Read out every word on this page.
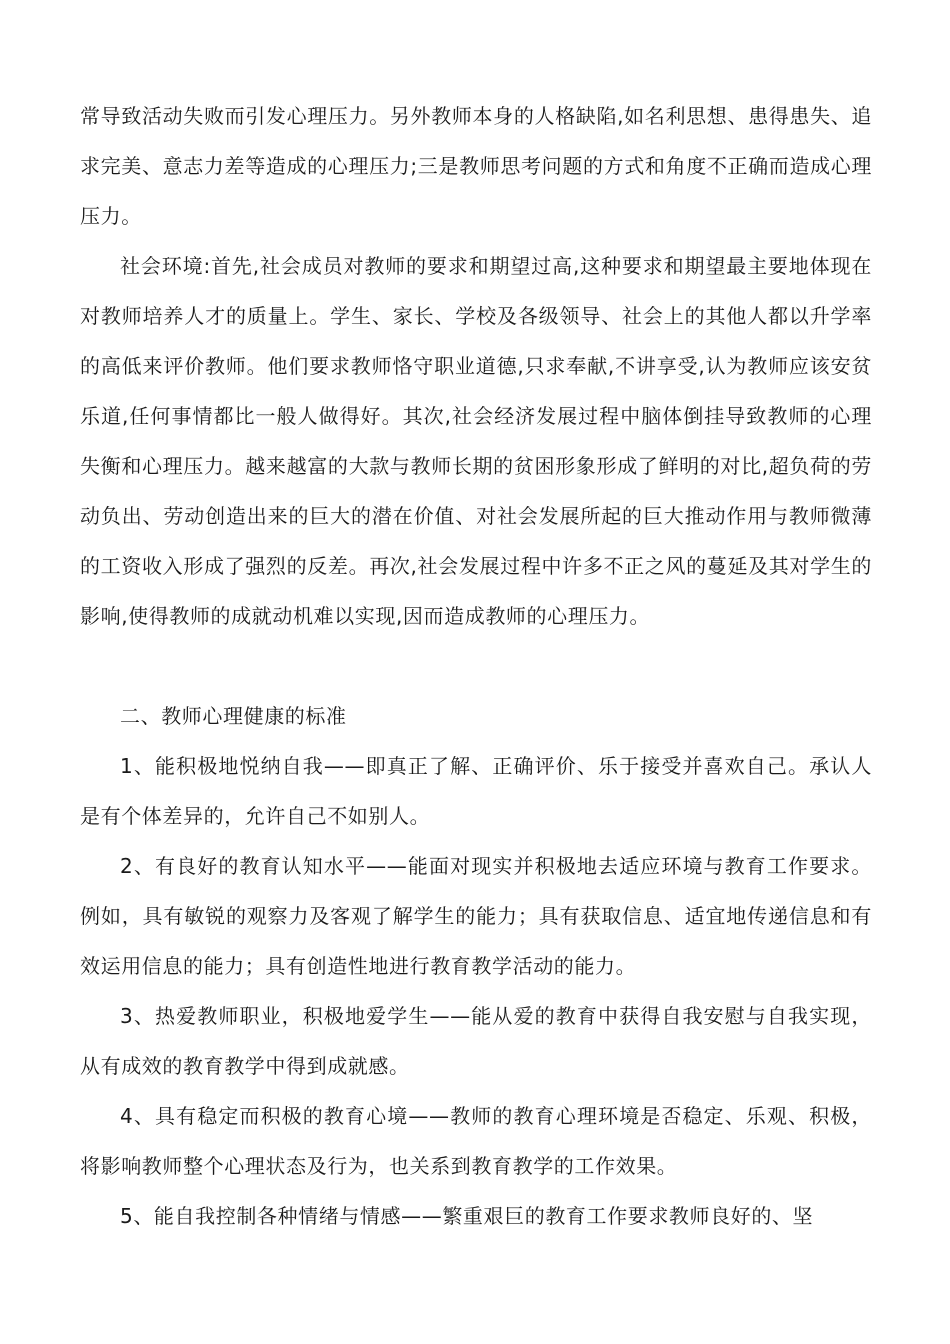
常导致活动失败而引发心理压力。另外教师本身的人格缺陷,如名利思想、患得患失、追求完美、意志力差等造成的心理压力;三是教师思考问题的方式和角度不正确而造成心理压力。

社会环境:首先,社会成员对教师的要求和期望过高,这种要求和期望最主要地体现在对教师培养人才的质量上。学生、家长、学校及各级领导、社会上的其他人都以升学率的高低来评价教师。他们要求教师恪守职业道德,只求奉献,不讲享受,认为教师应该安贫乐道,任何事情都比一般人做得好。其次,社会经济发展过程中脑体倒挂导致教师的心理失衡和心理压力。越来越富的大款与教师长期的贫困形象形成了鲜明的对比,超负荷的劳动负出、劳动创造出来的巨大的潜在价值、对社会发展所起的巨大推动作用与教师微薄的工资收入形成了强烈的反差。再次,社会发展过程中许多不正之风的蔓延及其对学生的影响,使得教师的成就动机难以实现,因而造成教师的心理压力。

二、教师心理健康的标准

1、能积极地悦纳自我——即真正了解、正确评价、乐于接受并喜欢自己。承认人是有个体差异的，允许自己不如别人。

2、有良好的教育认知水平——能面对现实并积极地去适应环境与教育工作要求。例如，具有敏锐的观察力及客观了解学生的能力；具有获取信息、适宜地传递信息和有效运用信息的能力；具有创造性地进行教育教学活动的能力。

3、热爱教师职业，积极地爱学生——能从爱的教育中获得自我安慰与自我实现，从有成效的教育教学中得到成就感。

4、具有稳定而积极的教育心境——教师的教育心理环境是否稳定、乐观、积极，将影响教师整个心理状态及行为，也关系到教育教学的工作效果。

5、能自我控制各种情绪与情感——繁重艰巨的教育工作要求教师良好的、坚
